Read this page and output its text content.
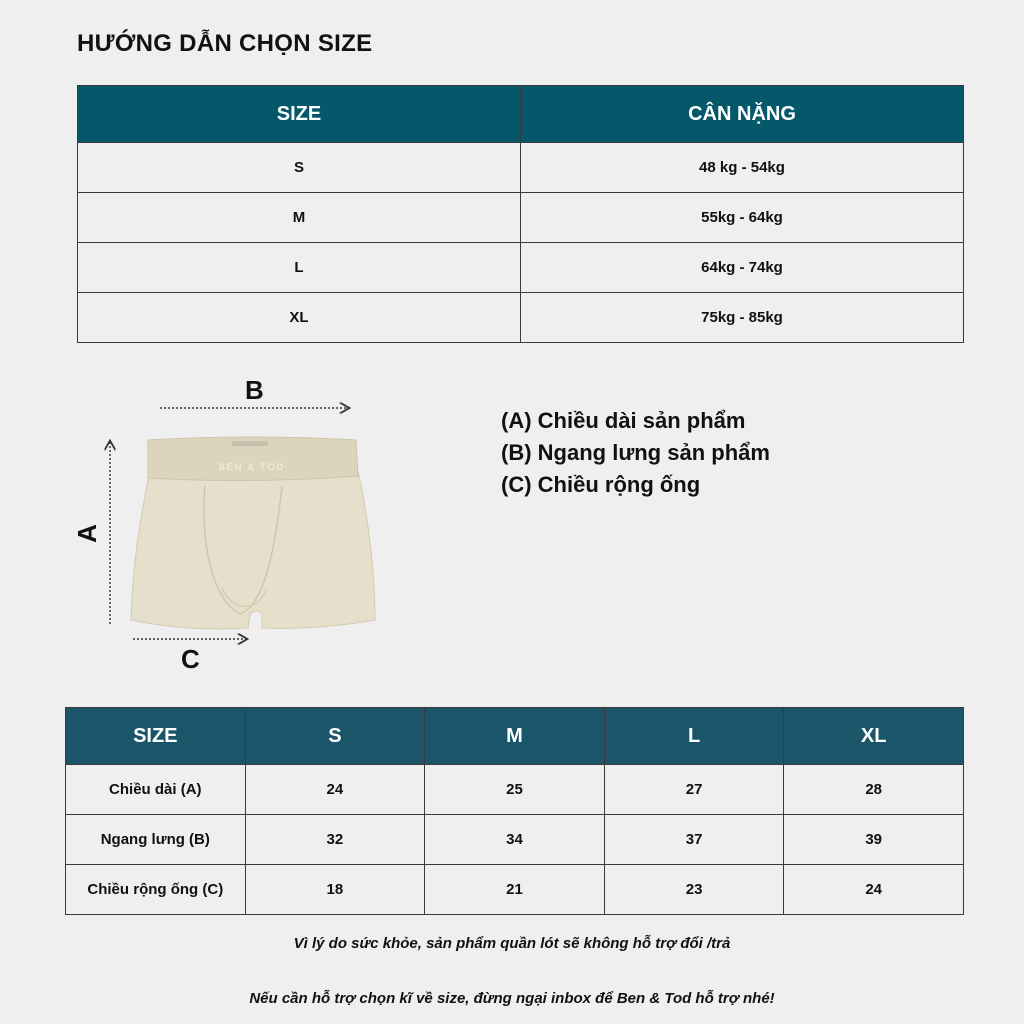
HƯỚNG DẪN CHỌN SIZE
SIZE	CÂN NẶNG
S	48 kg - 54kg
M	55kg - 64kg
L	64kg - 74kg
XL	75kg - 85kg
BEN & TOD
B
A
C
(A) Chiều dài sản phẩm
(B) Ngang lưng sản phẩm
(C) Chiều rộng ống
SIZE	S	M	L	XL
Chiều dài (A)	24	25	27	28
Ngang lưng (B)	32	34	37	39
Chiều rộng ống (C)	18	21	23	24
Vì lý do sức khỏe, sản phẩm quần lót sẽ không hỗ trợ đổi /trả
Nếu cần hỗ trợ chọn kĩ về size, đừng ngại inbox để Ben & Tod hỗ trợ nhé!
